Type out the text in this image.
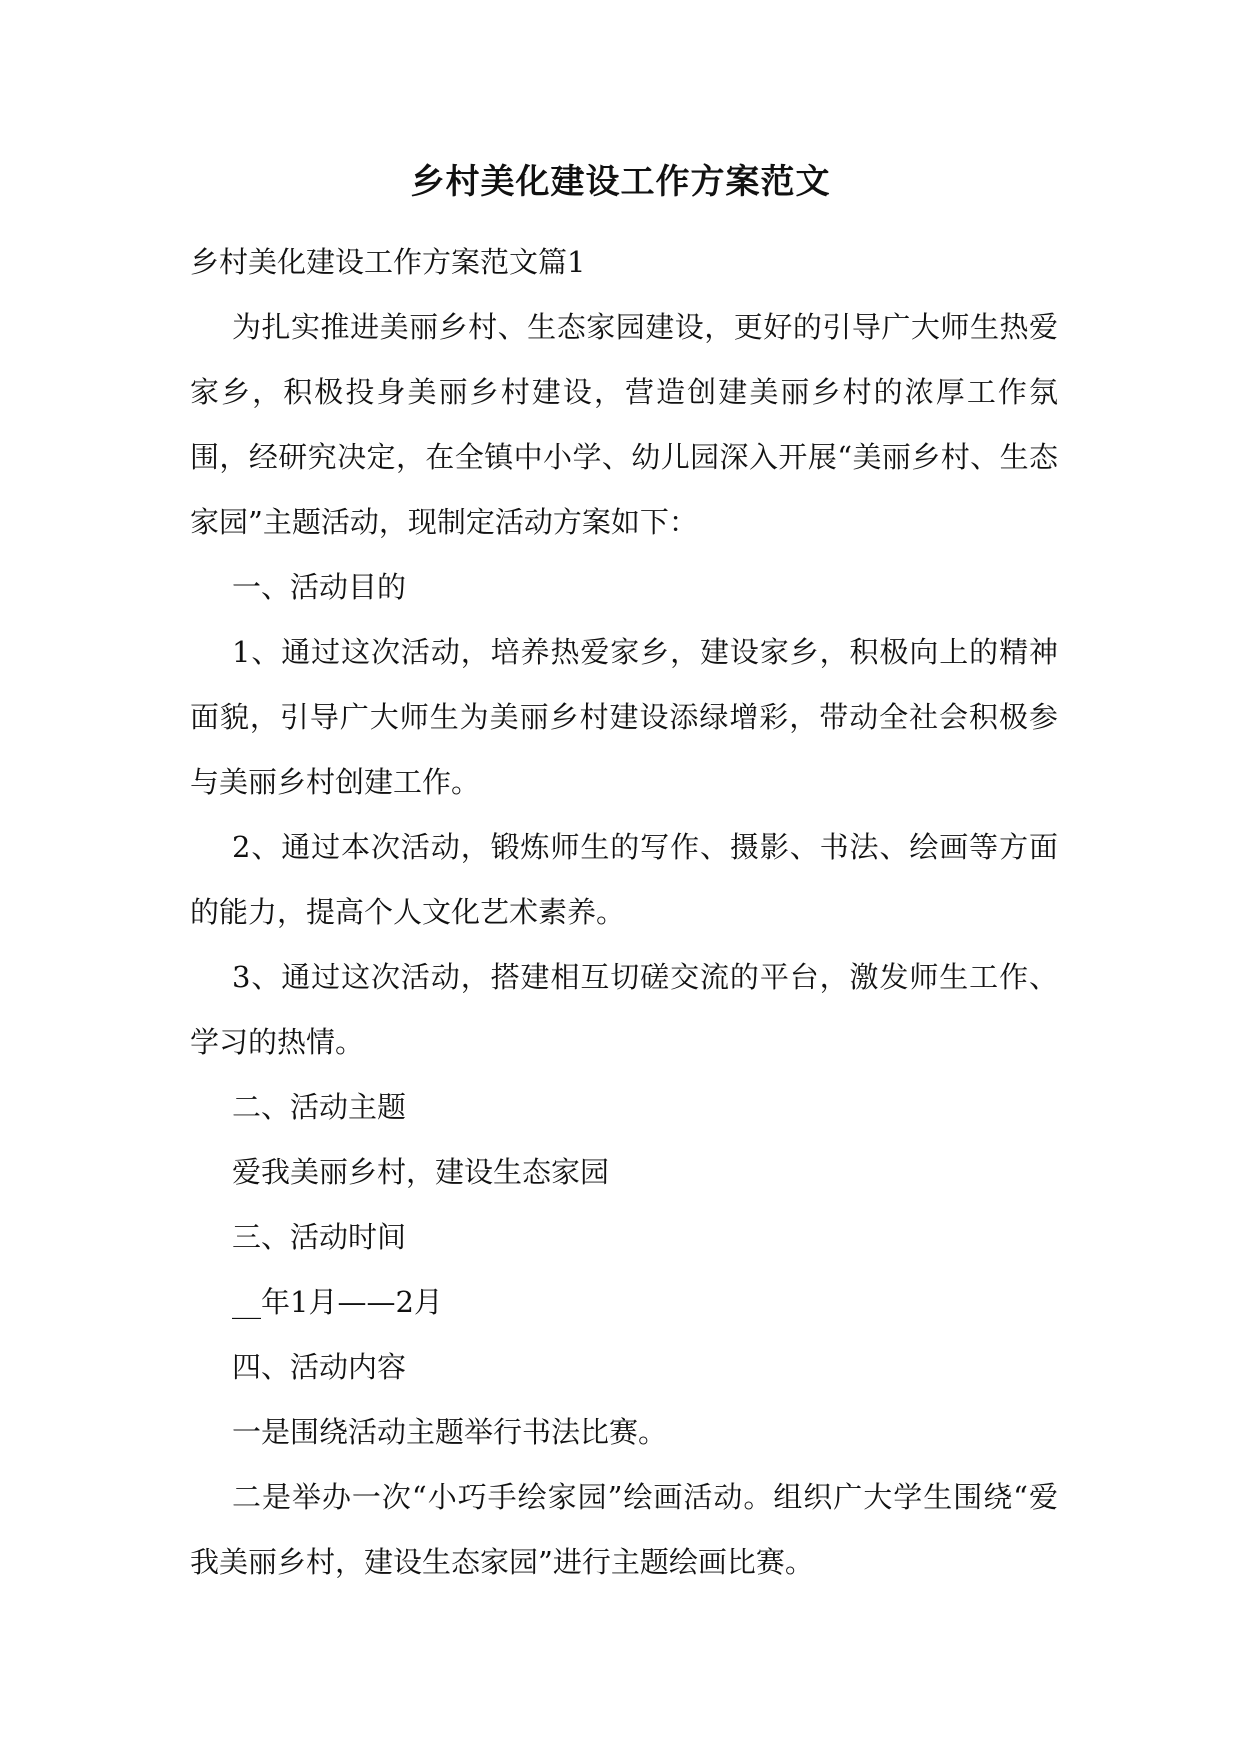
乡村美化建设工作方案范文

乡村美化建设工作方案范文篇1

为扎实推进美丽乡村、生态家园建设，更好的引导广大师生热爱家乡，积极投身美丽乡村建设，营造创建美丽乡村的浓厚工作氛围，经研究决定，在全镇中小学、幼儿园深入开展“美丽乡村、生态家园”主题活动，现制定活动方案如下：

一、活动目的

1、通过这次活动，培养热爱家乡，建设家乡，积极向上的精神面貌，引导广大师生为美丽乡村建设添绿增彩，带动全社会积极参与美丽乡村创建工作。

2、通过本次活动，锻炼师生的写作、摄影、书法、绘画等方面的能力，提高个人文化艺术素养。

3、通过这次活动，搭建相互切磋交流的平台，激发师生工作、学习的热情。

二、活动主题

爱我美丽乡村，建设生态家园

三、活动时间

__年1月——2月

四、活动内容

一是围绕活动主题举行书法比赛。

二是举办一次“小巧手绘家园”绘画活动。组织广大学生围绕“爱我美丽乡村，建设生态家园”进行主题绘画比赛。
